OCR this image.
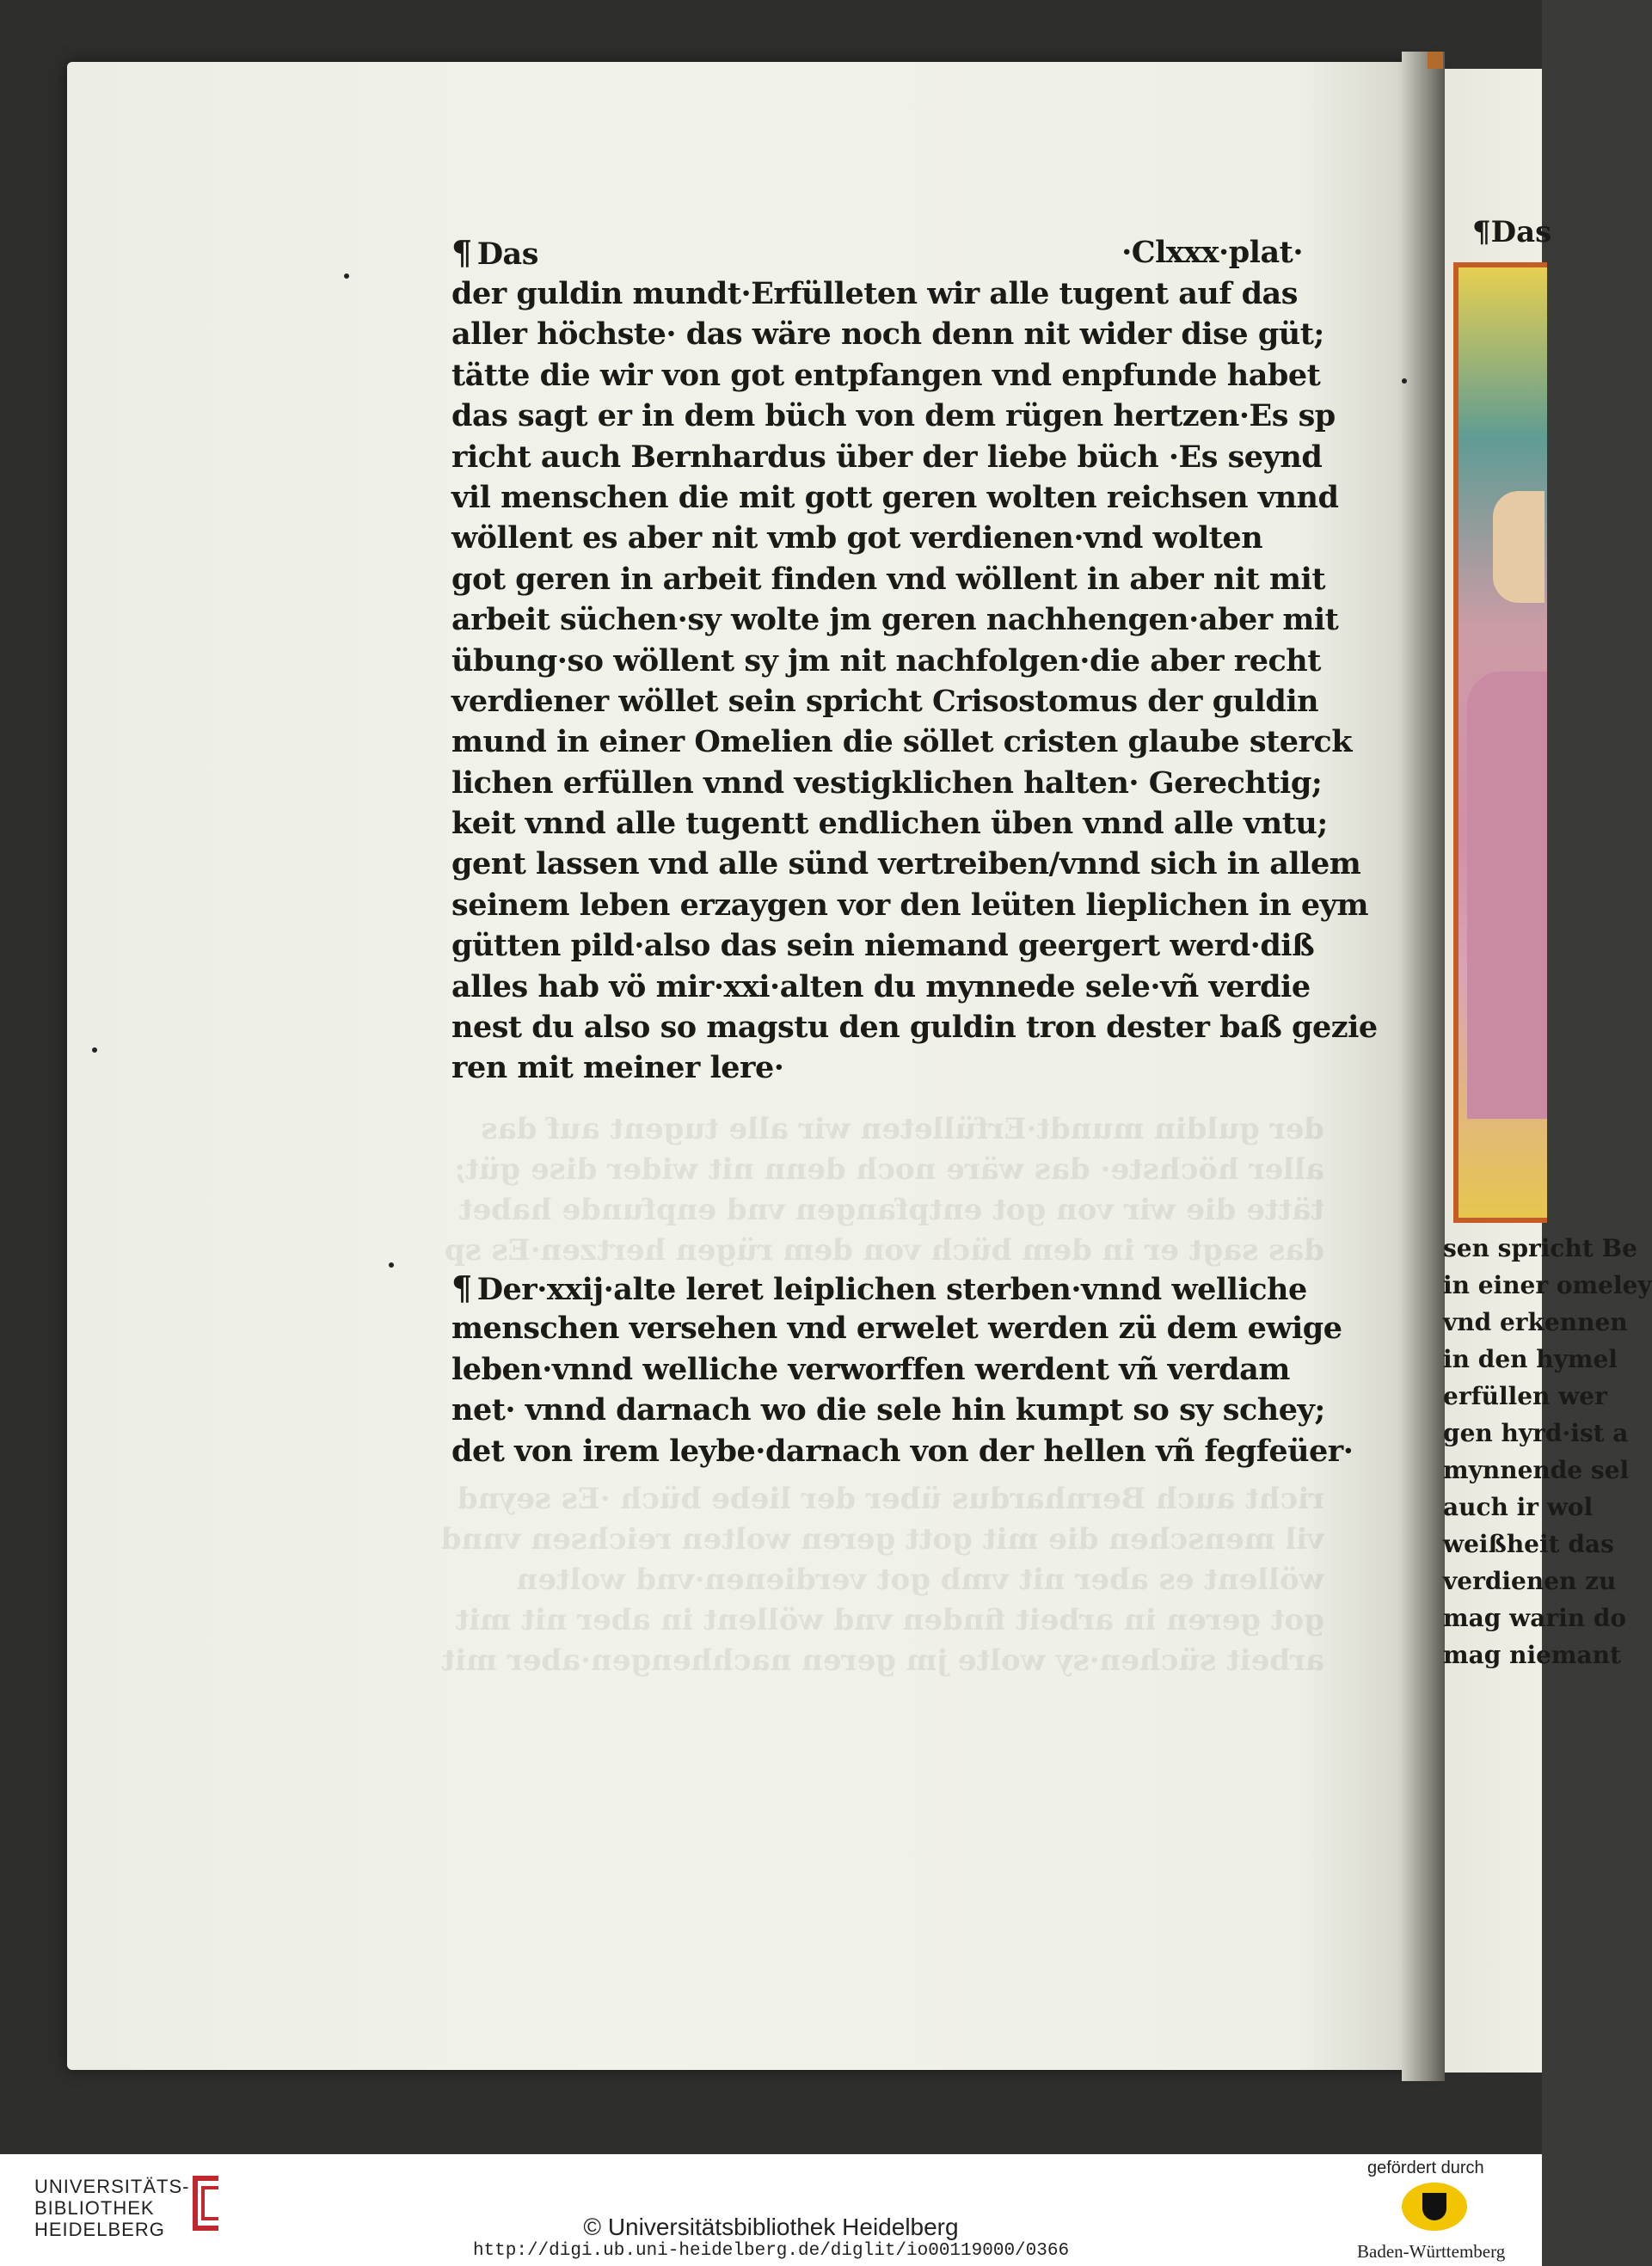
der guldin mundt·Erfülleten wir alle tugent auf das
aller höchste· das wäre noch denn nit wider dise güt;
tätte die wir von got entpfangen vnd enpfunde habet
das sagt er in dem büch von dem rügen hertzen·Es sp
richt auch Bernhardus über der liebe büch ·Es seynd
vil menschen die mit gott geren wolten reichsen vnnd
wöllent es aber nit vmb got verdienen·vnd wolten
got geren in arbeit finden vnd wöllent in aber nit mit
arbeit süchen·sy wolte jm geren nachhengen·aber mit
¶ Das	·Clxxx·plat·
der guldin mundt·Erfülleten wir alle tugent auf das
aller höchste· das wäre noch denn nit wider dise güt;
tätte die wir von got entpfangen vnd enpfunde habet
das sagt er in dem büch von dem rügen hertzen·Es sp
richt auch Bernhardus über der liebe büch ·Es seynd
vil menschen die mit gott geren wolten reichsen vnnd
wöllent es aber nit vmb got verdienen·vnd wolten
got geren in arbeit finden vnd wöllent in aber nit mit
arbeit süchen·sy wolte jm geren nachhengen·aber mit
übung·so wöllent sy jm nit nachfolgen·die aber recht
verdiener wöllet sein spricht Crisostomus der guldin
mund in einer Omelien die söllet cristen glaube sterck
lichen erfüllen vnnd vestigklichen halten· Gerechtig;
keit vnnd alle tugentt endlichen üben vnnd alle vntu;
gent lassen vnd alle sünd vertreiben/vnnd sich in allem
seinem leben erzaygen vor den leüten lieplichen in eym
gütten pild·also das sein niemand geergert werd·diß
alles hab vö mir·xxi·alten du mynnede sele·vñ verdie
nest du also so magstu den guldin tron dester baß gezie
ren mit meiner lere·
¶ Der·xxij·alte leret leiplichen sterben·vnnd welliche
menschen versehen vnd erwelet werden zü dem ewige
leben·vnnd welliche verworffen werdent vñ verdam
net· vnnd darnach wo die sele hin kumpt so sy schey;
det von irem leybe·darnach von der hellen vñ fegfeüer·
¶Das
sen spricht Be
in einer omeley
vnd erkennen
in den hymel
erfüllen wer
gen hyrd·ist a
mynnende sel
auch ir wol
weißheit das
verdienen zu
mag warin do
mag niemant
UNIVERSITÄTS-
BIBLIOTHEK
HEIDELBERG	© Universitätsbibliothek Heidelberg
http://digi.ub.uni-heidelberg.de/diglit/io00119000/0366
gefördert durch
Baden-Württemberg
